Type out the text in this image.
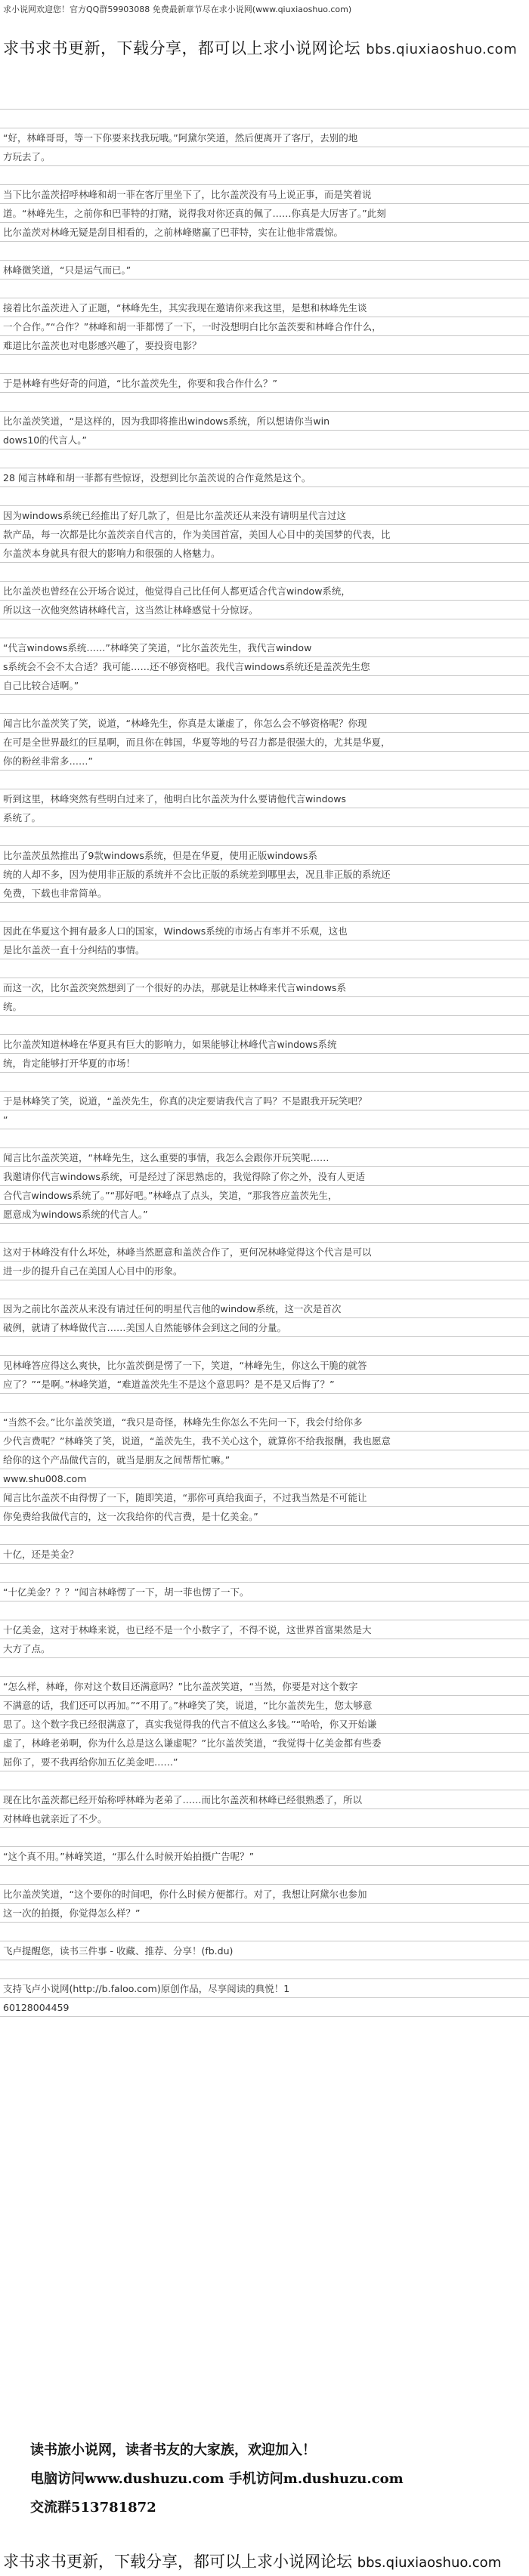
求小说网欢迎您！官方QQ群59903088 免费最新章节尽在求小说网(www.qiuxiaoshuo.com)
求书求书更新，下载分享，都可以上求小说网论坛 bbs.qiuxiaoshuo.com
“好，林峰哥哥，等一下你要来找我玩哦。”阿黛尔笑道，然后便离开了客厅，去别的地
方玩去了。
当下比尔盖茨招呼林峰和胡一菲在客厅里坐下了，比尔盖茨没有马上说正事，而是笑着说
道。“林峰先生，之前你和巴菲特的打赌，说得我对你还真的佩了……你真是大厉害了。”此刻
比尔盖茨对林峰无疑是刮目相看的，之前林峰赌赢了巴菲特，实在让他非常震惊。
林峰微笑道，“只是运气而已。”
接着比尔盖茨进入了正题，“林峰先生，其实我现在邀请你来我这里，是想和林峰先生谈
一个合作。”“合作？”林峰和胡一菲都愣了一下，一时没想明白比尔盖茨要和林峰合作什么，
难道比尔盖茨也对电影感兴趣了，要投资电影？
于是林峰有些好奇的问道，“比尔盖茨先生，你要和我合作什么？”
比尔盖茨笑道，“是这样的，因为我即将推出windows系统，所以想请你当win
dows10的代言人。”
28 闻言林峰和胡一菲都有些惊讶，没想到比尔盖茨说的合作竟然是这个。
因为windows系统已经推出了好几款了，但是比尔盖茨还从来没有请明星代言过这
款产品，每一次都是比尔盖茨亲自代言的，作为美国首富，美国人心目中的美国梦的代表，比
尔盖茨本身就具有很大的影响力和很强的人格魅力。
比尔盖茨也曾经在公开场合说过，他觉得自己比任何人都更适合代言window系统，
所以这一次他突然请林峰代言，这当然让林峰感觉十分惊讶。
“代言windows系统……”林峰笑了笑道，“比尔盖茨先生，我代言window
s系统会不会不太合适？我可能……还不够资格吧。我代言windows系统还是盖茨先生您
自己比较合适啊。”
闻言比尔盖茨笑了笑，说道，“林峰先生，你真是太谦虚了，你怎么会不够资格呢？你现
在可是全世界最红的巨星啊，而且你在韩国，华夏等地的号召力都是很强大的，尤其是华夏，
你的粉丝非常多……”
听到这里，林峰突然有些明白过来了，他明白比尔盖茨为什么要请他代言windows
系统了。
比尔盖茨虽然推出了9款windows系统，但是在华夏，使用正版windows系
统的人却不多，因为使用非正版的系统并不会比正版的系统差到哪里去，况且非正版的系统还
免费，下载也非常简单。
因此在华夏这个拥有最多人口的国家，Windows系统的市场占有率并不乐观，这也
是比尔盖茨一直十分纠结的事情。
而这一次，比尔盖茨突然想到了一个很好的办法，那就是让林峰来代言windows系
统。
比尔盖茨知道林峰在华夏具有巨大的影响力，如果能够让林峰代言windows系统
统，肯定能够打开华夏的市场！
于是林峰笑了笑，说道，“盖茨先生，你真的决定要请我代言了吗？不是跟我开玩笑吧？
”
闻言比尔盖茨笑道，“林峰先生，这么重要的事情，我怎么会跟你开玩笑呢……
我邀请你代言windows系统，可是经过了深思熟虑的，我觉得除了你之外，没有人更适
合代言windows系统了。”“那好吧。”林峰点了点头，笑道，“那我答应盖茨先生，
愿意成为windows系统的代言人。”
这对于林峰没有什么坏处，林峰当然愿意和盖茨合作了，更何况林峰觉得这个代言是可以
进一步的提升自己在美国人心目中的形象。
因为之前比尔盖茨从来没有请过任何的明星代言他的window系统，这一次是首次
破例，就请了林峰做代言……美国人自然能够体会到这之间的分量。
见林峰答应得这么爽快，比尔盖茨倒是愣了一下，笑道，“林峰先生，你这么干脆的就答
应了？”“是啊。”林峰笑道，“难道盖茨先生不是这个意思吗？是不是又后悔了？”
“当然不会。”比尔盖茨笑道，“我只是奇怪，林峰先生你怎么不先问一下，我会付给你多
少代言费呢？”林峰笑了笑，说道，“盖茨先生，我不关心这个，就算你不给我报酬，我也愿意
给你的这个产品做代言的，就当是朋友之间帮帮忙嘛。”
www.shu008.com
闻言比尔盖茨不由得愣了一下，随即笑道，“那你可真给我面子，不过我当然是不可能让
你免费给我做代言的，这一次我给你的代言费，是十亿美金。”
十亿，还是美金？
“十亿美金？？？”闻言林峰愣了一下，胡一菲也愣了一下。
十亿美金，这对于林峰来说，也已经不是一个小数字了，不得不说，这世界首富果然是大
大方了点。
“怎么样，林峰，你对这个数目还满意吗？”比尔盖茨笑道，“当然，你要是对这个数字
不满意的话，我们还可以再加。”“不用了。”林峰笑了笑，说道，“比尔盖茨先生，您太够意
思了。这个数字我已经很满意了，真实我觉得我的代言不值这么多钱。”“哈哈，你又开始谦
虚了，林峰老弟啊，你为什么总是这么谦虚呢？”比尔盖茨笑道，“我觉得十亿美金都有些委
屈你了，要不我再给你加五亿美金吧……”
现在比尔盖茨都已经开始称呼林峰为老弟了……而比尔盖茨和林峰已经很熟悉了，所以
对林峰也就亲近了不少。
“这个真不用。”林峰笑道，“那么什么时候开始拍摄广告呢？”
比尔盖茨笑道，“这个要你的时间吧，你什么时候方便都行。对了，我想让阿黛尔也参加
这一次的拍摄，你觉得怎么样？”
飞卢提醒您，读书三件事 - 收藏、推荐、分享！(fb.du)
支持飞卢小说网(http://b.faloo.com)原创作品，尽享阅读的典悦！1
60128004459
读书旅小说网，读者书友的大家族，欢迎加入！
电脑访问www.dushuzu.com 手机访问m.dushuzu.com
交流群513781872
求书求书更新，下载分享，都可以上求小说网论坛 bbs.qiuxiaoshuo.com
